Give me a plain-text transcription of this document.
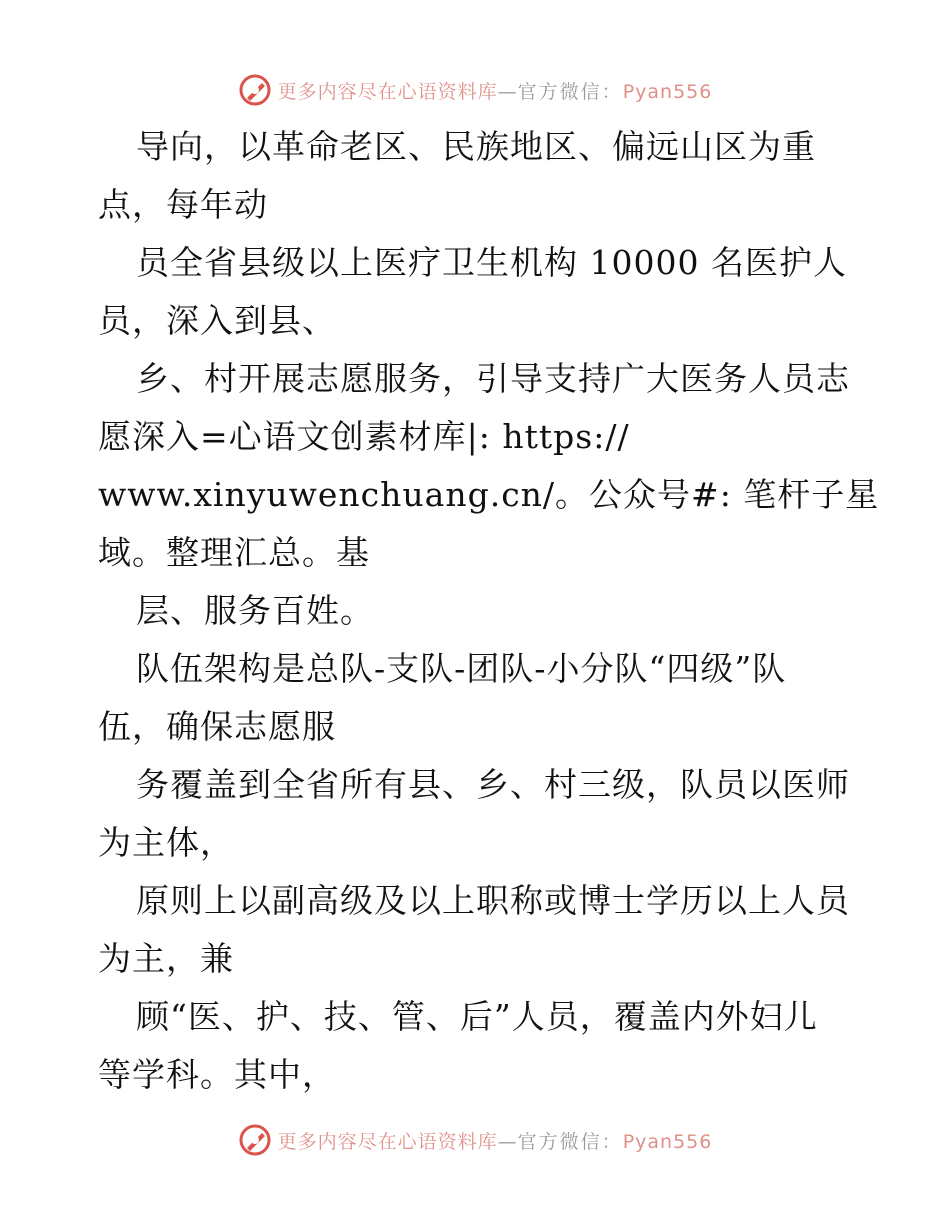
更多内容尽在心语资料库—官方微信：Pyan556
导向，以革命老区、民族地区、偏远山区为重
点，每年动
员全省县级以上医疗卫生机构 10000 名医护人
员，深入到县、
乡、村开展志愿服务，引导支持广大医务人员志
愿深入=心语文创素材库|: https://
www.xinyuwenchuang.cn/。公众号#: 笔杆子星
域。整理汇总。基
层、服务百姓。
队伍架构是总队-支队-团队-小分队“四级”队
伍，确保志愿服
务覆盖到全省所有县、乡、村三级，队员以医师
为主体，
原则上以副高级及以上职称或博士学历以上人员
为主，兼
顾“医、护、技、管、后”人员，覆盖内外妇儿
等学科。其中，
更多内容尽在心语资料库—官方微信：Pyan556
